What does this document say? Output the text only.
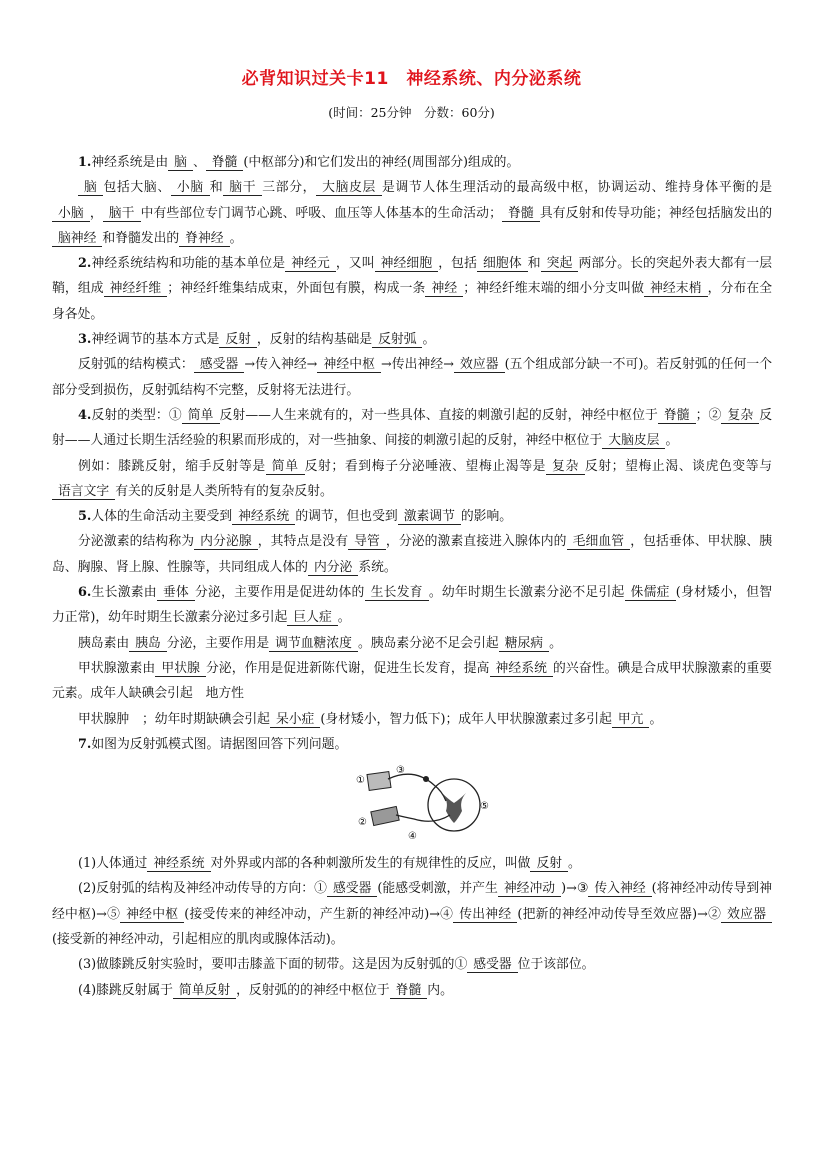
必背知识过关卡11　神经系统、内分泌系统
(时间：25分钟　分数：60分)

1.神经系统是由 脑 、 脊髓 (中枢部分)和它们发出的神经(周围部分)组成的。

脑 包括大脑、 小脑 和 脑干 三部分， 大脑皮层 是调节人体生理活动的最高级中枢，协调运动、维持身体平衡的是小脑 ， 脑干 中有些部位专门调节心跳、呼吸、血压等人体基本的生命活动； 脊髓 具有反射和传导功能；神经包括脑发出的脑神经 和脊髓发出的 脊神经 。

2.神经系统结构和功能的基本单位是 神经元 ，又叫 神经细胞 ，包括 细胞体 和 突起 两部分。长的突起外表大都有一层鞘，组成 神经纤维 ；神经纤维集结成束，外面包有膜，构成一条 神经 ；神经纤维末端的细小分支叫做 神经末梢 ，分布在全身各处。

3.神经调节的基本方式是 反射 ，反射的结构基础是 反射弧 。

反射弧的结构模式： 感受器 →传入神经→ 神经中枢 →传出神经→ 效应器 (五个组成部分缺一不可)。若反射弧的任何一个部分受到损伤，反射弧结构不完整，反射将无法进行。

4.反射的类型：① 简单 反射——人生来就有的，对一些具体、直接的刺激引起的反射，神经中枢位于 脊髓 ；② 复杂 反射——人通过长期生活经验的积累而形成的，对一些抽象、间接的刺激引起的反射，神经中枢位于 大脑皮层 。

例如：膝跳反射，缩手反射等是 简单 反射；看到梅子分泌唾液、望梅止渴等是 复杂 反射；望梅止渴、谈虎色变等与语言文字 有关的反射是人类所特有的复杂反射。

5.人体的生命活动主要受到 神经系统 的调节，但也受到 激素调节 的影响。

分泌激素的结构称为 内分泌腺 ，其特点是没有 导管 ，分泌的激素直接进入腺体内的 毛细血管 ，包括垂体、甲状腺、胰岛、胸腺、肾上腺、性腺等，共同组成人体的 内分泌 系统。

6.生长激素由 垂体 分泌，主要作用是促进幼体的 生长发育 。幼年时期生长激素分泌不足引起 侏儒症 (身材矮小，但智力正常)，幼年时期生长激素分泌过多引起 巨人症 。

胰岛素由 胰岛 分泌，主要作用是 调节血糖浓度 。胰岛素分泌不足会引起 糖尿病 。

甲状腺激素由 甲状腺 分泌，作用是促进新陈代谢，促进生长发育，提高 神经系统 的兴奋性。碘是合成甲状腺激素的重要元素。成年人缺碘会引起　地方性

甲状腺肿　；幼年时期缺碘会引起 呆小症 (身材矮小，智力低下)；成年人甲状腺激素过多引起 甲亢 。

7.如图为反射弧模式图。请据图回答下列问题。

①
②
③
④
⑤

(1)人体通过 神经系统 对外界或内部的各种刺激所发生的有规律性的反应，叫做 反射 。

(2)反射弧的结构及神经冲动传导的方向：① 感受器 (能感受刺激，并产生 神经冲动 )→③ 传入神经 (将神经冲动传导到神经中枢)→⑤ 神经中枢 (接受传来的神经冲动，产生新的神经冲动)→④ 传出神经 (把新的神经冲动传导至效应器)→② 效应器(接受新的神经冲动，引起相应的肌肉或腺体活动)。

(3)做膝跳反射实验时，要叩击膝盖下面的韧带。这是因为反射弧的① 感受器 位于该部位。

(4)膝跳反射属于 简单反射 ，反射弧的的神经中枢位于 脊髓 内。
